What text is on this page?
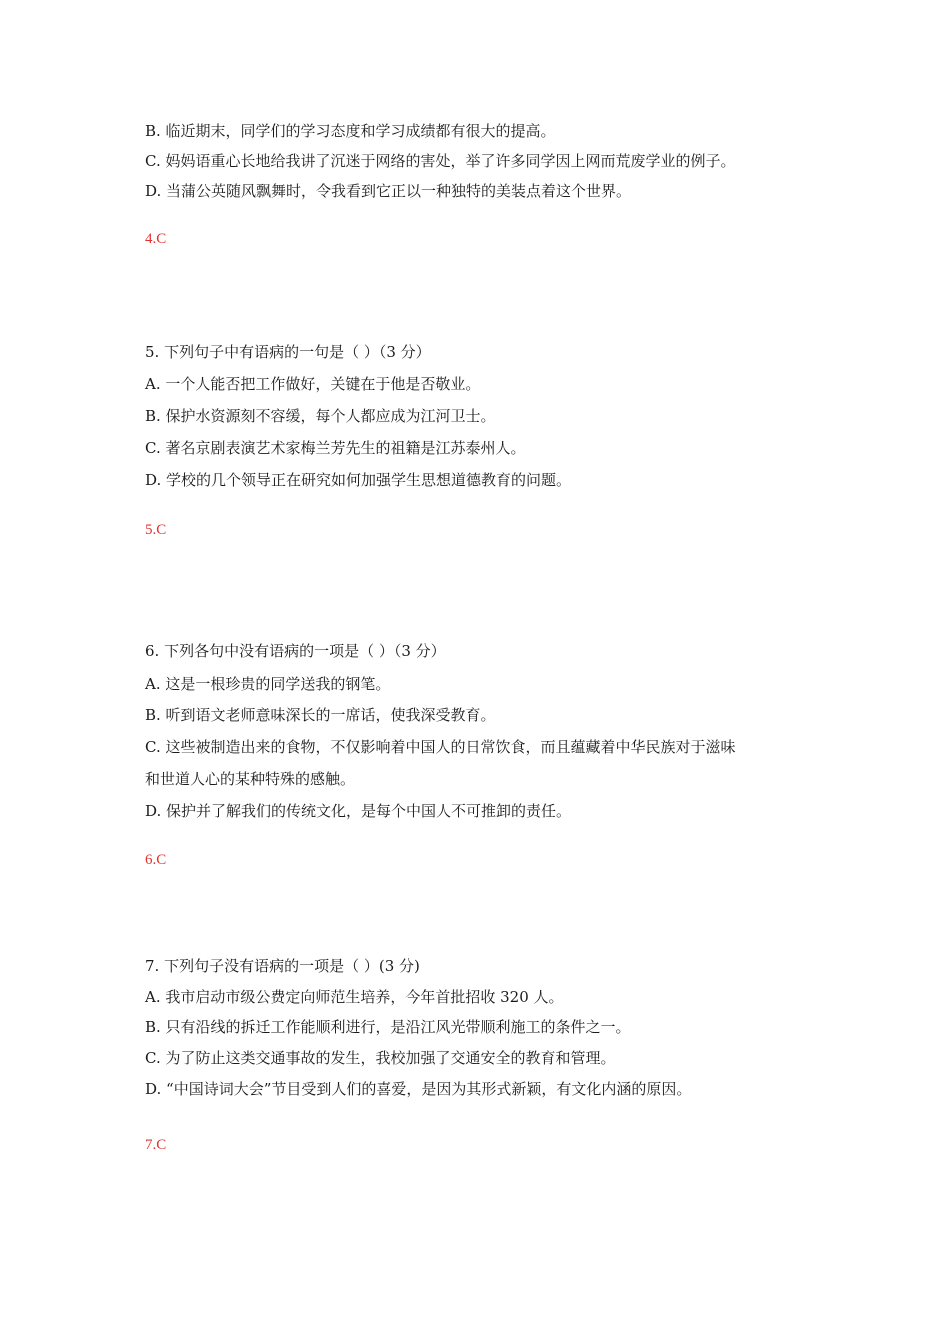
B. 临近期末，同学们的学习态度和学习成绩都有很大的提高。
C. 妈妈语重心长地给我讲了沉迷于网络的害处，举了许多同学因上网而荒废学业的例子。
D. 当蒲公英随风飘舞时，令我看到它正以一种独特的美装点着这个世界。
4.C
5. 下列句子中有语病的一句是（ ）（3 分）
A. 一个人能否把工作做好，关键在于他是否敬业。
B. 保护水资源刻不容缓，每个人都应成为江河卫士。
C. 著名京剧表演艺术家梅兰芳先生的祖籍是江苏泰州人。
D. 学校的几个领导正在研究如何加强学生思想道德教育的问题。
5.C
6. 下列各句中没有语病的一项是（ ）（3 分）
A. 这是一根珍贵的同学送我的钢笔。
B. 听到语文老师意味深长的一席话，使我深受教育。
C. 这些被制造出来的食物，不仅影响着中国人的日常饮食，而且蕴藏着中华民族对于滋味
和世道人心的某种特殊的感触。
D. 保护并了解我们的传统文化，是每个中国人不可推卸的责任。
6.C
7. 下列句子没有语病的一项是（ ）(3 分)
A. 我市启动市级公费定向师范生培养，今年首批招收 320 人。
B. 只有沿线的拆迁工作能顺利进行，是沿江风光带顺利施工的条件之一。
C. 为了防止这类交通事故的发生，我校加强了交通安全的教育和管理。
D. “中国诗词大会”节目受到人们的喜爱，是因为其形式新颖，有文化内涵的原因。
7.C
